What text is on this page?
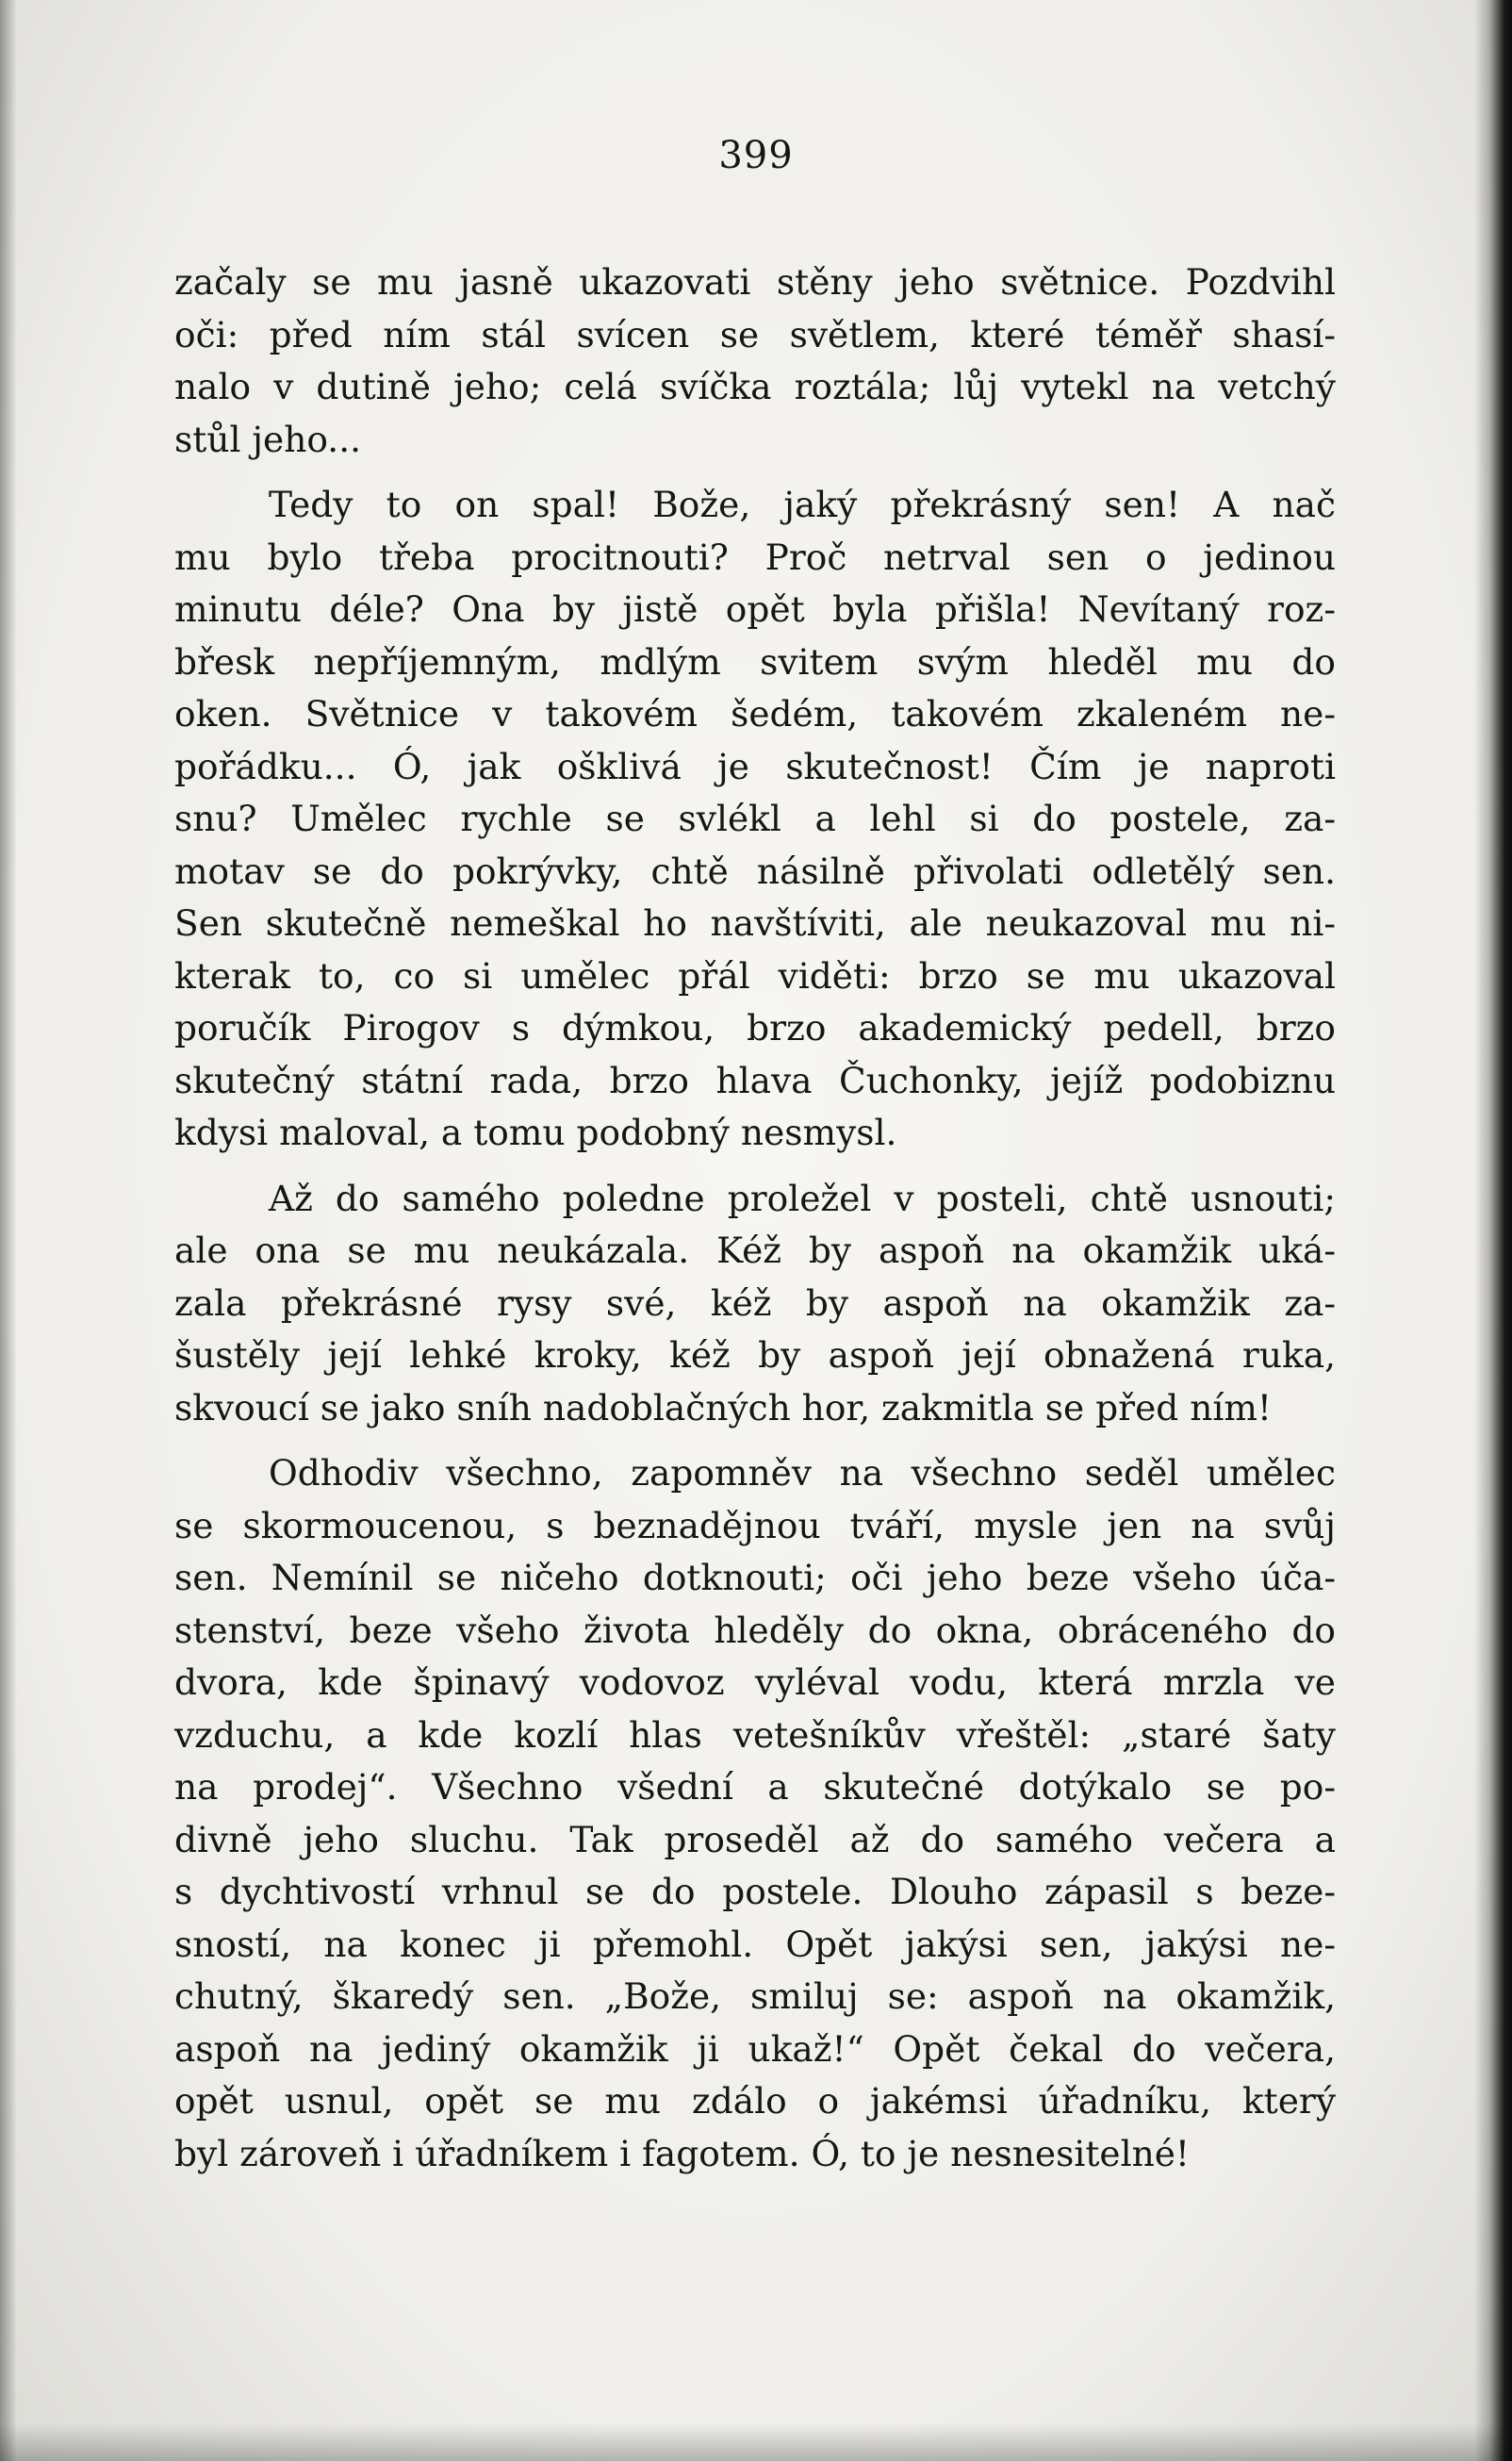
399

začaly se mu jasně ukazovati stěny jeho světnice. Pozdvihl
oči: před ním stál svícen se světlem, které téměř shasí-
nalo v dutině jeho; celá svíčka roztála; lůj vytekl na vetchý
stůl jeho...

Tedy to on spal! Bože, jaký překrásný sen! A nač
mu bylo třeba procitnouti? Proč netrval sen o jedinou
minutu déle? Ona by jistě opět byla přišla! Nevítaný roz-
břesk nepříjemným, mdlým svitem svým hleděl mu do
oken. Světnice v takovém šedém, takovém zkaleném ne-
pořádku... Ó, jak ošklivá je skutečnost! Čím je naproti
snu? Umělec rychle se svlékl a lehl si do postele, za-
motav se do pokrývky, chtě násilně přivolati odletělý sen.
Sen skutečně nemeškal ho navštíviti, ale neukazoval mu ni-
kterak to, co si umělec přál viděti: brzo se mu ukazoval
poručík Pirogov s dýmkou, brzo akademický pedell, brzo
skutečný státní rada, brzo hlava Čuchonky, jejíž podobiznu
kdysi maloval, a tomu podobný nesmysl.

Až do samého poledne proležel v posteli, chtě usnouti;
ale ona se mu neukázala. Kéž by aspoň na okamžik uká-
zala překrásné rysy své, kéž by aspoň na okamžik za-
šustěly její lehké kroky, kéž by aspoň její obnažená ruka,
skvoucí se jako sníh nadoblačných hor, zakmitla se před ním!

Odhodiv všechno, zapomněv na všechno seděl umělec
se skormoucenou, s beznadějnou tváří, mysle jen na svůj
sen. Nemínil se ničeho dotknouti; oči jeho beze všeho úča-
stenství, beze všeho života hleděly do okna, obráceného do
dvora, kde špinavý vodovoz vyléval vodu, která mrzla ve
vzduchu, a kde kozlí hlas vetešníkův vřeštěl: „staré šaty
na prodej“. Všechno všední a skutečné dotýkalo se po-
divně jeho sluchu. Tak proseděl až do samého večera a
s dychtivostí vrhnul se do postele. Dlouho zápasil s beze-
sností, na konec ji přemohl. Opět jakýsi sen, jakýsi ne-
chutný, škaredý sen. „Bože, smiluj se: aspoň na okamžik,
aspoň na jediný okamžik ji ukaž!“ Opět čekal do večera,
opět usnul, opět se mu zdálo o jakémsi úřadníku, který
byl zároveň i úřadníkem i fagotem. Ó, to je nesnesitelné!
